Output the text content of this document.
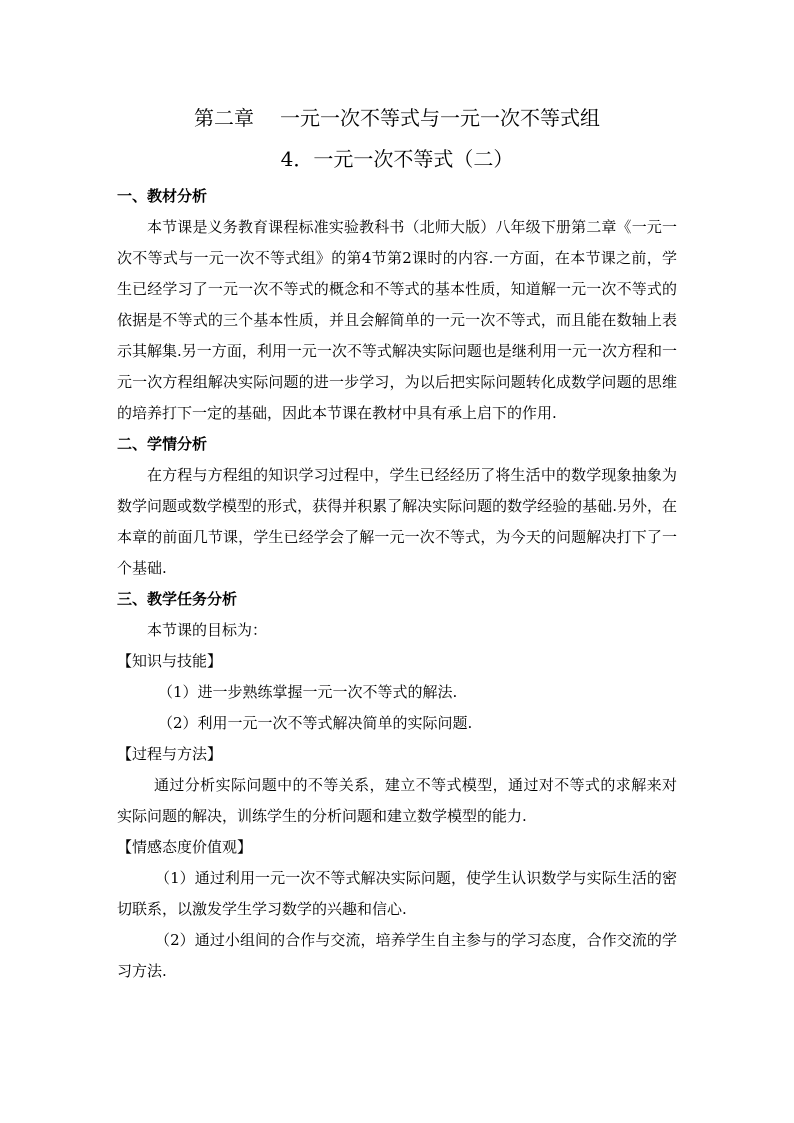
第二章 一元一次不等式与一元一次不等式组
4．一元一次不等式（二）

一、教材分析

本节课是义务教育课程标准实验教科书（北师大版）八年级下册第二章《一元一次不等式与一元一次不等式组》的第4节第2课时的内容.一方面，在本节课之前，学生已经学习了一元一次不等式的概念和不等式的基本性质，知道解一元一次不等式的依据是不等式的三个基本性质，并且会解简单的一元一次不等式，而且能在数轴上表示其解集.另一方面，利用一元一次不等式解决实际问题也是继利用一元一次方程和一元一次方程组解决实际问题的进一步学习，为以后把实际问题转化成数学问题的思维的培养打下一定的基础，因此本节课在教材中具有承上启下的作用.

二、学情分析

在方程与方程组的知识学习过程中，学生已经经历了将生活中的数学现象抽象为数学问题或数学模型的形式，获得并积累了解决实际问题的数学经验的基础.另外，在本章的前面几节课，学生已经学会了解一元一次不等式，为今天的问题解决打下了一个基础.

三、教学任务分析

本节课的目标为：

【知识与技能】

（1）进一步熟练掌握一元一次不等式的解法.

（2）利用一元一次不等式解决简单的实际问题.

【过程与方法】

通过分析实际问题中的不等关系，建立不等式模型，通过对不等式的求解来对实际问题的解决，训练学生的分析问题和建立数学模型的能力.

【情感态度价值观】

（1）通过利用一元一次不等式解决实际问题，使学生认识数学与实际生活的密切联系，以激发学生学习数学的兴趣和信心.

（2）通过小组间的合作与交流，培养学生自主参与的学习态度，合作交流的学习方法.
